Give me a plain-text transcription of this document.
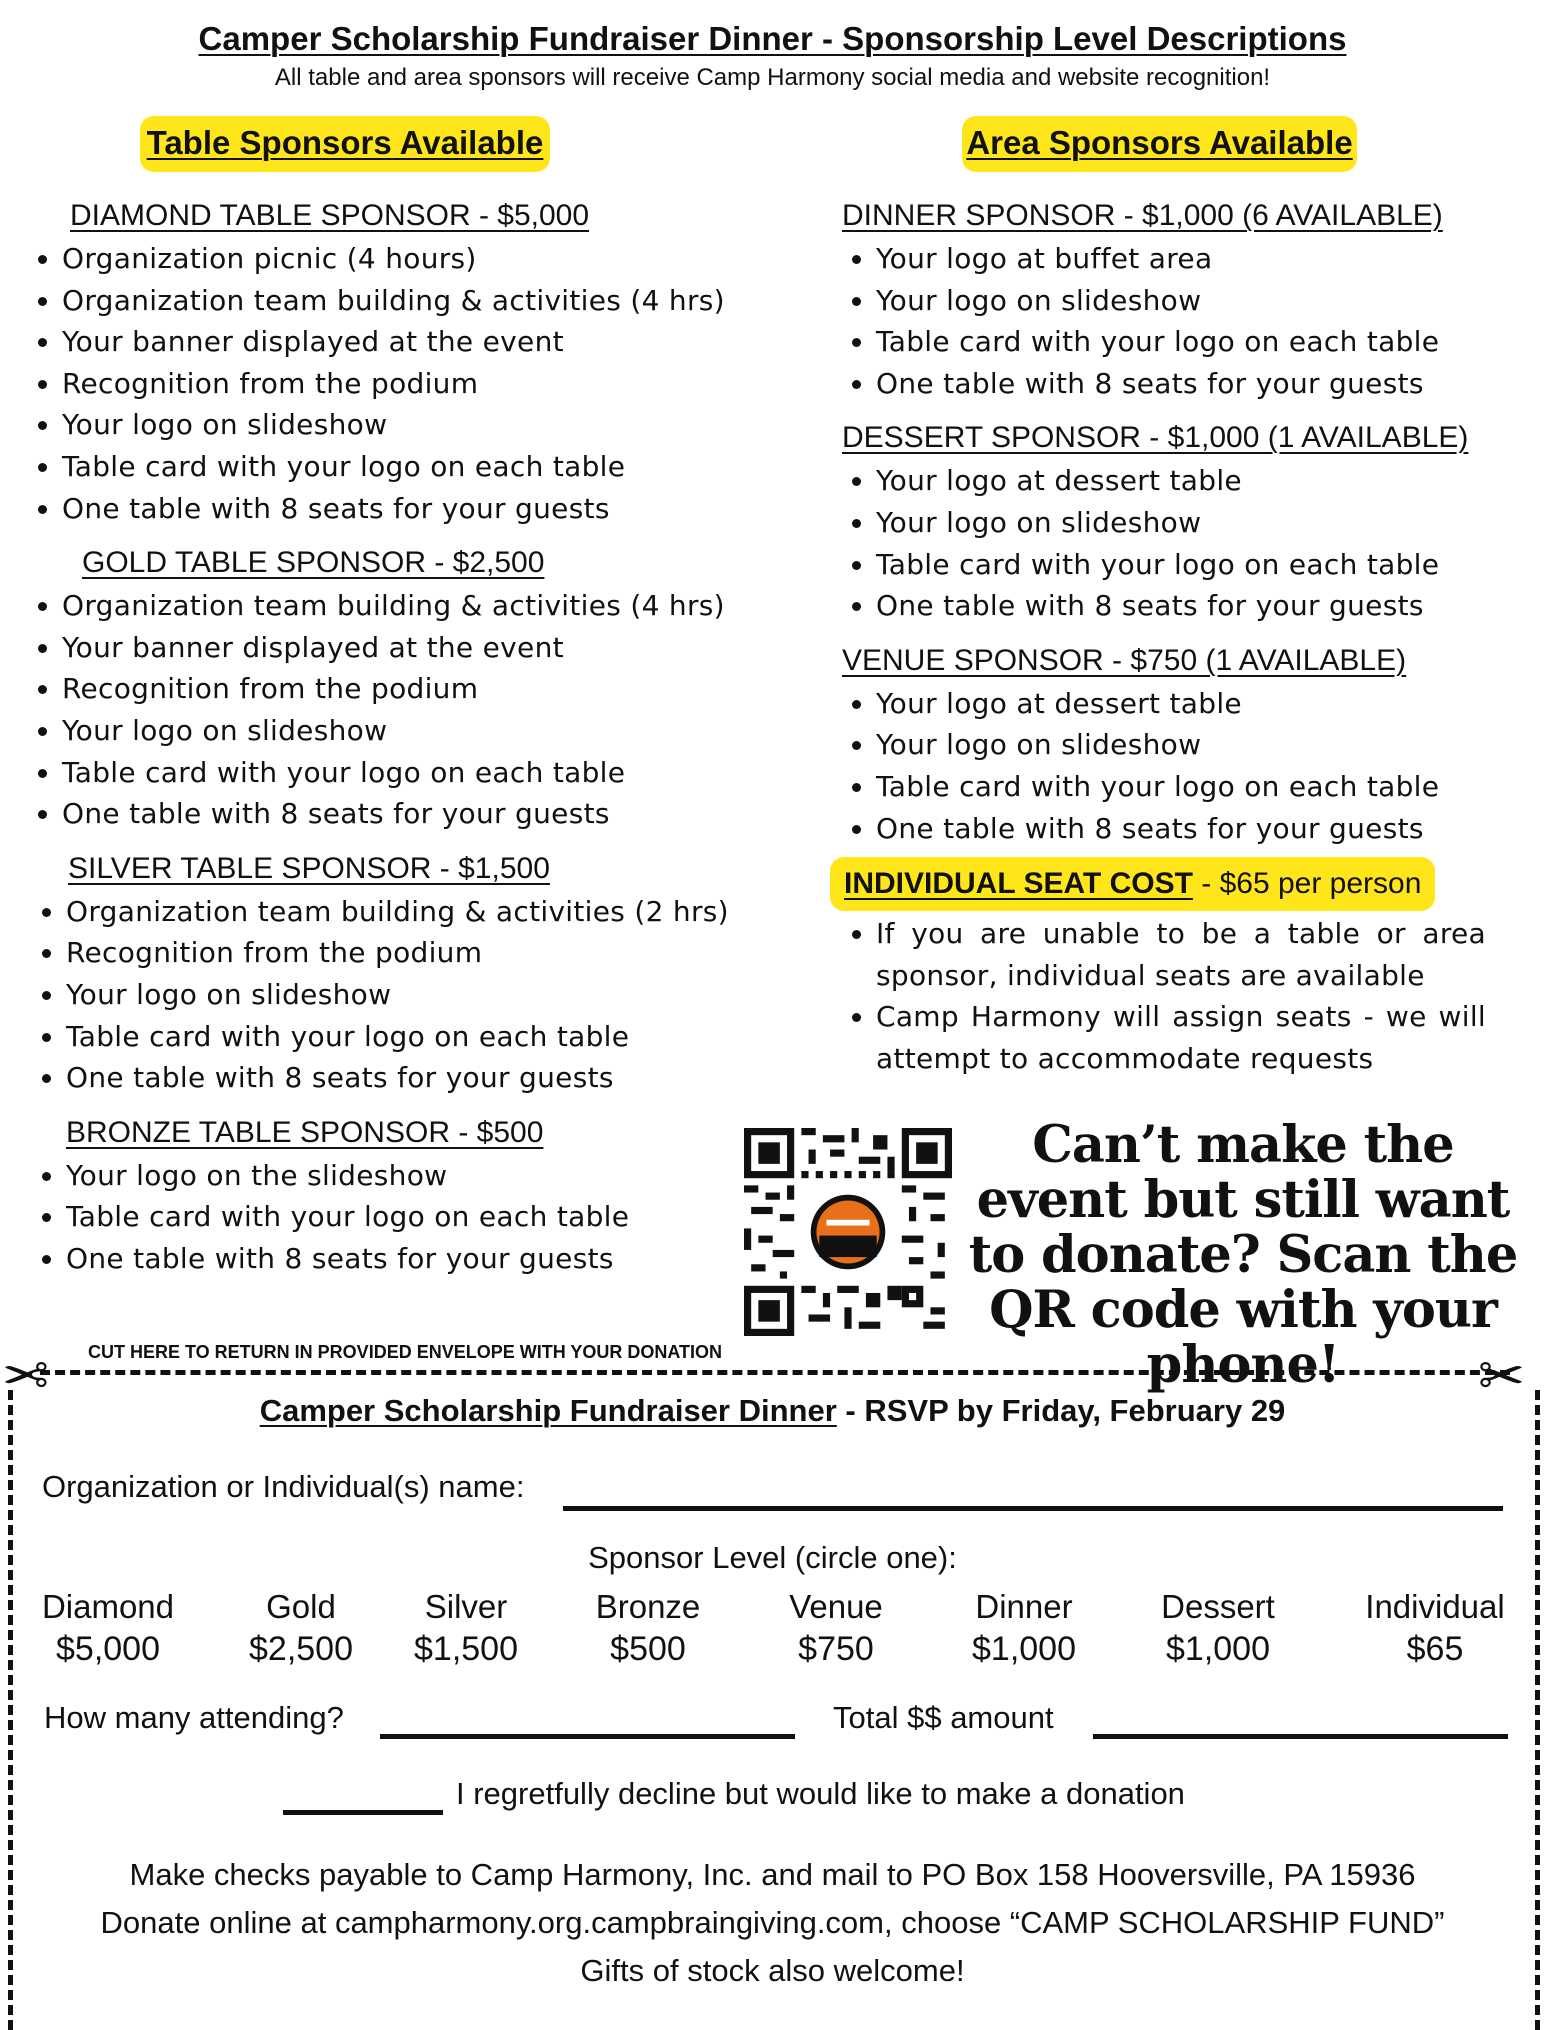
Camper Scholarship Fundraiser Dinner - Sponsorship Level Descriptions
All table and area sponsors will receive Camp Harmony social media and website recognition!
Table Sponsors Available	Area Sponsors Available

DIAMOND TABLE SPONSOR - $5,000

• Organization picnic (4 hours)
• Organization team building & activities (4 hrs)
• Your banner displayed at the event
• Recognition from the podium
• Your logo on slideshow
• Table card with your logo on each table
• One table with 8 seats for your guests

GOLD TABLE SPONSOR - $2,500

• Organization team building & activities (4 hrs)
• Your banner displayed at the event
• Recognition from the podium
• Your logo on slideshow
• Table card with your logo on each table
• One table with 8 seats for your guests

SILVER TABLE SPONSOR - $1,500

• Organization team building & activities (2 hrs)
• Recognition from the podium
• Your logo on slideshow
• Table card with your logo on each table
• One table with 8 seats for your guests

BRONZE TABLE SPONSOR - $500

• Your logo on the slideshow
• Table card with your logo on each table
• One table with 8 seats for your guests

DINNER SPONSOR - $1,000 (6 AVAILABLE)

• Your logo at buffet area
• Your logo on slideshow
• Table card with your logo on each table
• One table with 8 seats for your guests

DESSERT SPONSOR - $1,000 (1 AVAILABLE)

• Your logo at dessert table
• Your logo on slideshow
• Table card with your logo on each table
• One table with 8 seats for your guests

VENUE SPONSOR - $750 (1 AVAILABLE)

• Your logo at dessert table
• Your logo on slideshow
• Table card with your logo on each table
• One table with 8 seats for your guests
INDIVIDUAL SEAT COST - $65 per person
• If you are unable to be a table or area sponsor, individual seats are available
• Camp Harmony will assign seats - we will attempt to accommodate requests
Can’t make the event but still want to donate? Scan the QR code with your phone!
CUT HERE TO RETURN IN PROVIDED ENVELOPE WITH YOUR DONATION
✂	✂
Camper Scholarship Fundraiser Dinner - RSVP by Friday, February 29
Organization or Individual(s) name:
Sponsor Level (circle one):
Diamond
$5,000
Gold
$2,500
Silver
$1,500
Bronze
$500
Venue
$750
Dinner
$1,000
Dessert
$1,000
Individual
$65
How many attending?	Total $$ amount
I regretfully decline but would like to make a donation
Make checks payable to Camp Harmony, Inc. and mail to PO Box 158 Hooversville, PA 15936
Donate online at campharmony.org.campbraingiving.com, choose “CAMP SCHOLARSHIP FUND”
Gifts of stock also welcome!
